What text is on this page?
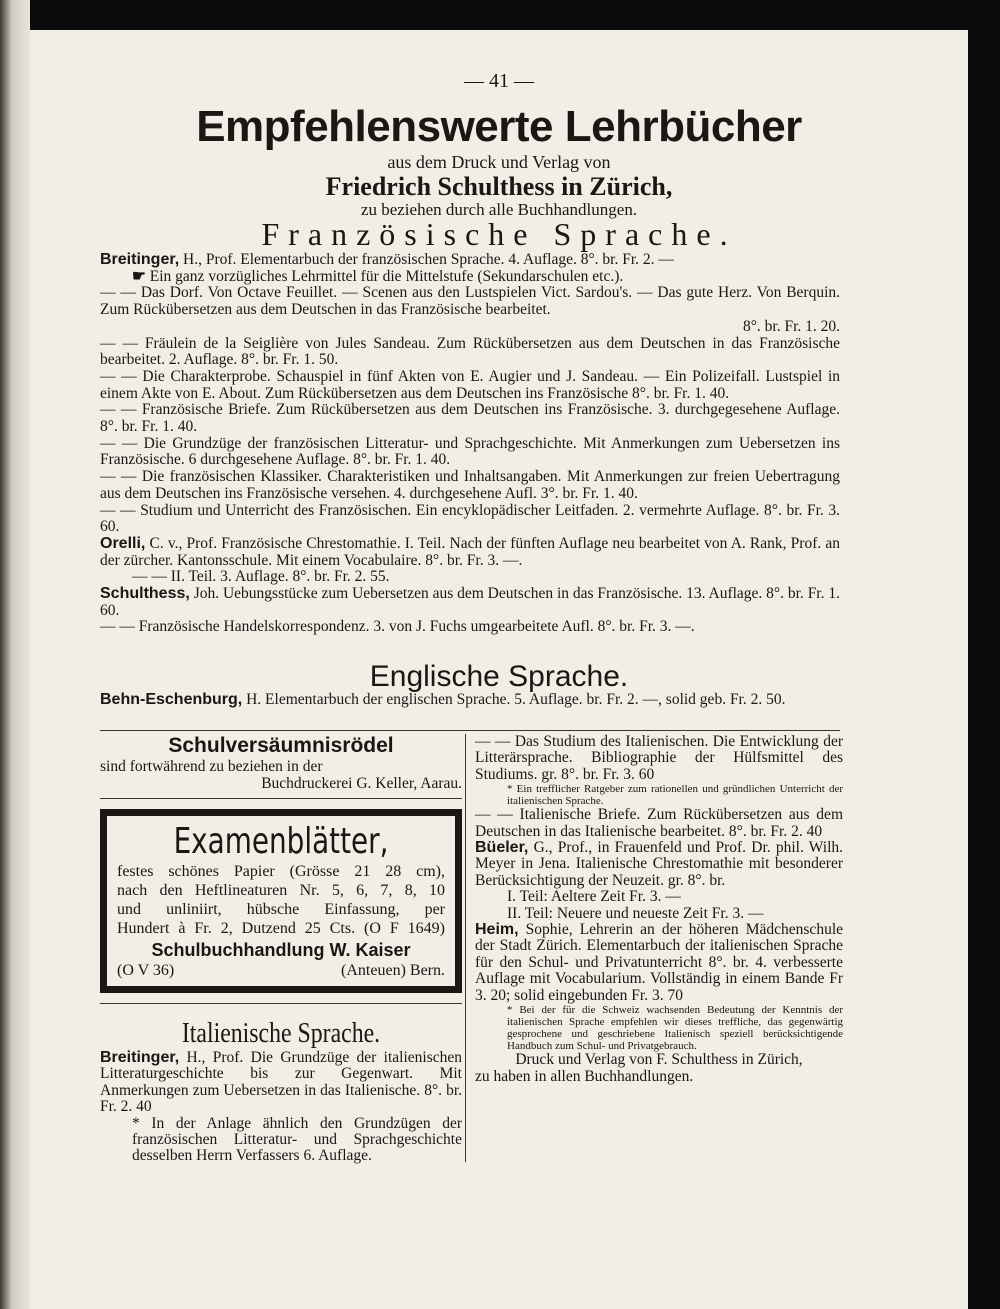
— 41 —
Empfehlenswerte Lehrbücher
aus dem Druck und Verlag von
Friedrich Schulthess in Zürich,
zu beziehen durch alle Buchhandlungen.
Französische Sprache.

Breitinger, H., Prof. Elementarbuch der französischen Sprache. 4. Auflage. 8°. br. Fr. 2. —

☛ Ein ganz vorzügliches Lehrmittel für die Mittelstufe (Sekundarschulen etc.).

— — Das Dorf. Von Octave Feuillet. — Scenen aus den Lustspielen Vict. Sardou's. — Das gute Herz. Von Berquin. Zum Rückübersetzen aus dem Deutschen in das Französische bearbeitet.
8°. br. Fr. 1. 20.

— — Fräulein de la Seiglière von Jules Sandeau. Zum Rückübersetzen aus dem Deutschen in das Französische bearbeitet. 2. Auflage. 8°. br. Fr. 1. 50.

— — Die Charakterprobe. Schauspiel in fünf Akten von E. Augier und J. Sandeau. — Ein Polizeifall. Lustspiel in einem Akte von E. About. Zum Rückübersetzen aus dem Deutschen ins Französische 8°. br. Fr. 1. 40.

— — Französische Briefe. Zum Rückübersetzen aus dem Deutschen ins Französische. 3. durchgegesehene Auflage. 8°. br. Fr. 1. 40.

— — Die Grundzüge der französischen Litteratur- und Sprachgeschichte. Mit Anmerkungen zum Uebersetzen ins Französische. 6 durchgesehene Auflage. 8°. br. Fr. 1. 40.

— — Die französischen Klassiker. Charakteristiken und Inhaltsangaben. Mit Anmerkungen zur freien Uebertragung aus dem Deutschen ins Französische versehen. 4. durchgesehene Aufl. 3°. br. Fr. 1. 40.

— — Studium und Unterricht des Französischen. Ein encyklopädischer Leitfaden. 2. vermehrte Auflage. 8°. br. Fr. 3. 60.

Orelli, C. v., Prof. Französische Chrestomathie. I. Teil. Nach der fünften Auflage neu bearbeitet von A. Rank, Prof. an der zürcher. Kantonsschule. Mit einem Vocabulaire. 8°. br. Fr. 3. —.

— — II. Teil. 3. Auflage. 8°. br. Fr. 2. 55.

Schulthess, Joh. Uebungsstücke zum Uebersetzen aus dem Deutschen in das Französische. 13. Auflage. 8°. br. Fr. 1. 60.

— — Französische Handelskorrespondenz. 3. von J. Fuchs umgearbeitete Aufl. 8°. br. Fr. 3. —.

Englische Sprache.

Behn-Eschenburg, H. Elementarbuch der englischen Sprache. 5. Auflage. br. Fr. 2. —, solid geb. Fr. 2. 50.

Schulversäumnisrödel
sind fortwährend zu beziehen in der
Buchdruckerei G. Keller, Aarau.
Examenblätter,
festes schönes Papier (Grösse 21 28 cm),
nach den Heftlineaturen Nr. 5, 6, 7, 8, 10
und unliniirt, hübsche Einfassung, per
Hundert à Fr. 2, Dutzend 25 Cts. (O F 1649)
Schulbuchhandlung W. Kaiser
(O V 36)	(Anteuen) Bern.
Italienische Sprache.

Breitinger, H., Prof. Die Grundzüge der italienischen Litteraturgeschichte bis zur Gegenwart. Mit Anmerkungen zum Uebersetzen in das Italienische. 8°. br. Fr. 2. 40

* In der Anlage ähnlich den Grundzügen der französischen Litteratur- und Sprachgeschichte desselben Herrn Verfassers 6. Auflage.

— — Das Studium des Italienischen. Die Entwicklung der Litterärsprache. Bibliographie der Hülfsmittel des Studiums. gr. 8°. br. Fr. 3. 60

* Ein trefflicher Ratgeber zum rationellen und gründlichen Unterricht der italienischen Sprache.

— — Italienische Briefe. Zum Rückübersetzen aus dem Deutschen in das Italienische bearbeitet. 8°. br. Fr. 2. 40

Büeler, G., Prof., in Frauenfeld und Prof. Dr. phil. Wilh. Meyer in Jena. Italienische Chrestomathie mit besonderer Berücksichtigung der Neuzeit. gr. 8°. br.

I. Teil: Aeltere Zeit Fr. 3. —

II. Teil: Neuere und neueste Zeit Fr. 3. —

Heim, Sophie, Lehrerin an der höheren Mädchenschule der Stadt Zürich. Elementarbuch der italienischen Sprache für den Schul- und Privatunterricht 8°. br. 4. verbesserte Auflage mit Vocabularium. Vollständig in einem Bande Fr 3. 20; solid eingebunden Fr. 3. 70

* Bei der für die Schweiz wachsenden Bedeutung der Kenntnis der italienischen Sprache empfehlen wir dieses treffliche, das gegenwärtig gesprochene und geschriebene Italienisch speziell berücksichtigende Handbuch zum Schul- und Privatgebrauch.

Druck und Verlag von F. Schulthess in Zürich,

zu haben in allen Buchhandlungen.
